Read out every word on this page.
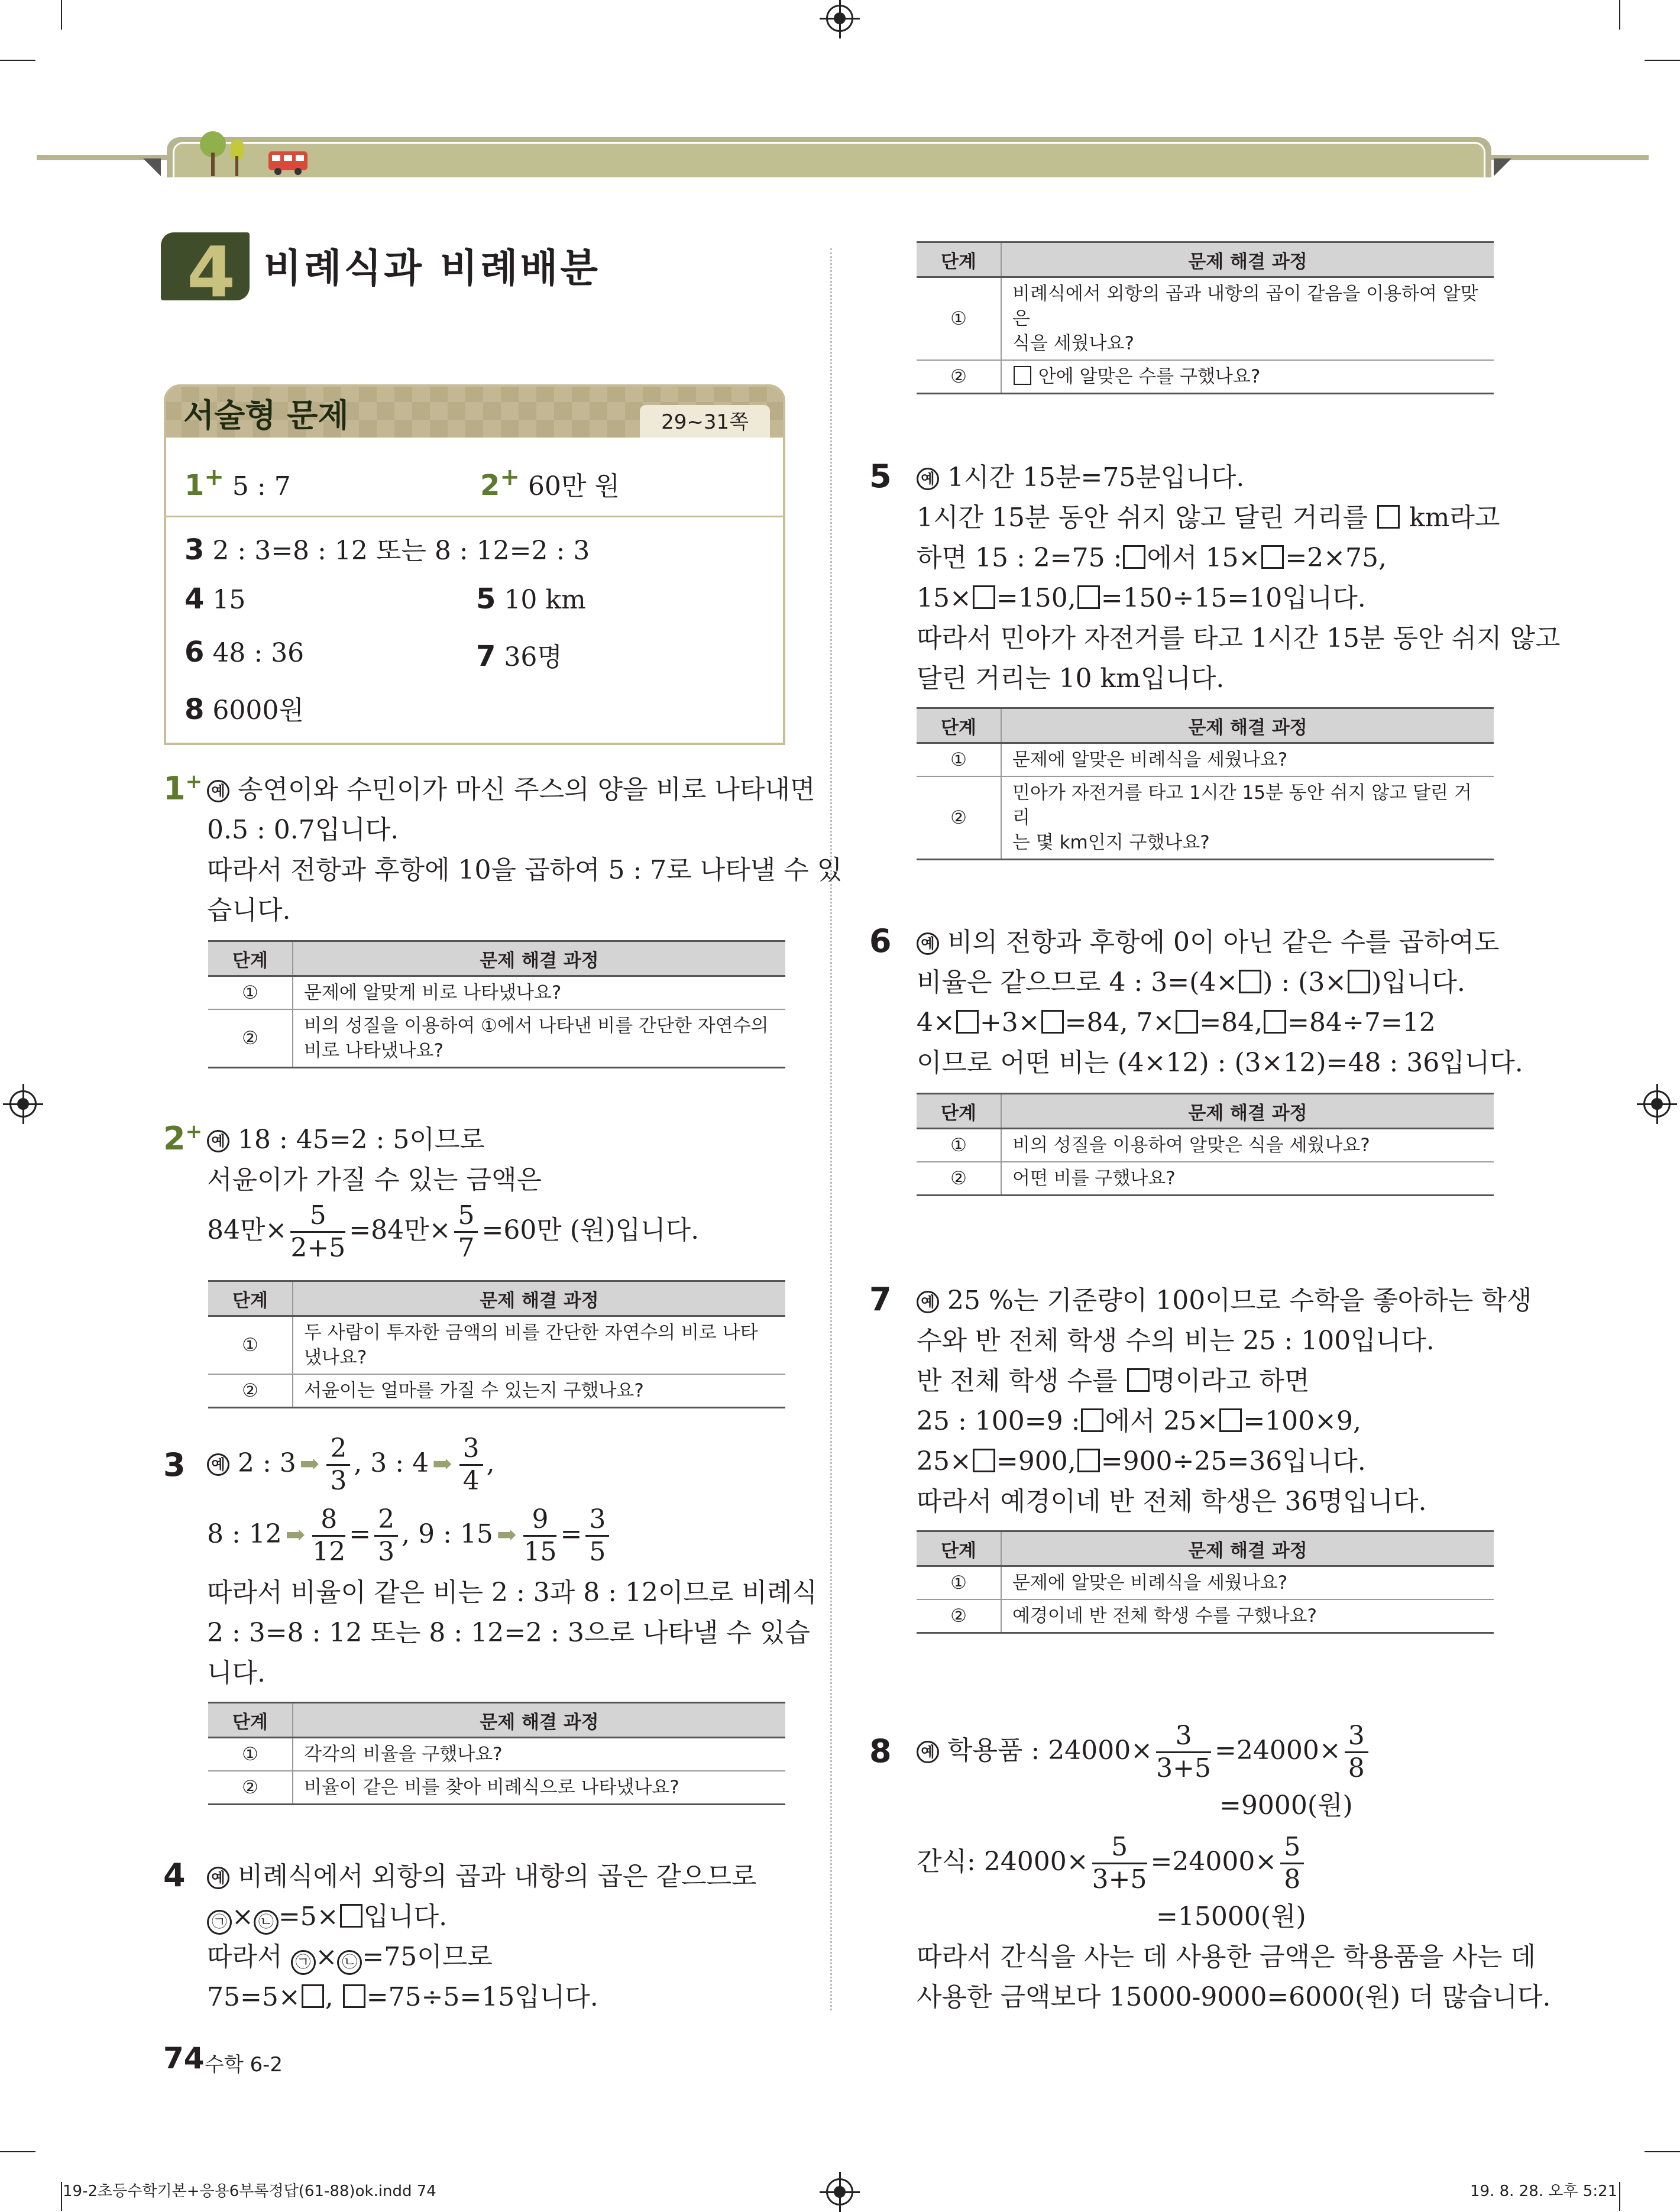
4 비례식과 비례배분
서술형 문제	29~31쪽
1+ 5 : 7	2+ 60만 원
3 2 : 3=8 : 12 또는 8 : 12=2 : 3
4 15	5 10 km
6 48 : 36	7 36명
8 6000원
1+ 예 송연이와 수민이가 마신 주스의 양을 비로 나타내면
0.5 : 0.7입니다.
따라서 전항과 후항에 10을 곱하여 5 : 7로 나타낼 수 있
습니다.
단계	문제 해결 과정
①	문제에 알맞게 비로 나타냈나요?
②	비의 성질을 이용하여 ①에서 나타낸 비를 간단한 자연수의
비로 나타냈나요?
2+ 예 18 : 45=2 : 5이므로
서윤이가 가질 수 있는 금액은
84만× $\frac{5}{2+5} =84$만× $\frac{5}{7} =60$만 (원)입니다.
단계	문제 해결 과정
①	두 사람이 투자한 금액의 비를 간단한 자연수의 비로 나타냈나요?
②	서윤이는 얼마를 가질 수 있는지 구했나요?
3	예 2 : 3 ➡ $\frac{2}{3}$ , 3 : 4 ➡ $\frac{3}{4}$ ,
8 : 12 ➡ $\frac{8}{12} = \frac{2}{3}$ , 9 : 15 ➡ $\frac{9}{15} = \frac{3}{5}$
따라서 비율이 같은 비는 2 : 3과 8 : 12이므로 비례식
2 : 3=8 : 12 또는 8 : 12=2 : 3으로 나타낼 수 있습
니다.
단계	문제 해결 과정
①	각각의 비율을 구했나요?
②	비율이 같은 비를 찾아 비례식으로 나타냈나요?
4	예 비례식에서 외항의 곱과 내항의 곱은 같으므로
㉠ × ㉡ =5× 입니다.
따라서 ㉠ × ㉡ =75이므로
75=5× , =75÷5=15입니다.
단계	문제 해결 과정
①	비례식에서 외항의 곱과 내항의 곱이 같음을 이용하여 알맞은
식을 세웠나요?
②	안에 알맞은 수를 구했나요?
5	예 1시간 15분=75분입니다.
1시간 15분 동안 쉬지 않고 달린 거리를 km라고
하면 15 : 2=75 : 에서 15× =2×75,
15× =150, =150÷15=10입니다.
따라서 민아가 자전거를 타고 1시간 15분 동안 쉬지 않고
달린 거리는 10 km입니다.
단계	문제 해결 과정
①	문제에 알맞은 비례식을 세웠나요?
②	민아가 자전거를 타고 1시간 15분 동안 쉬지 않고 달린 거리
는 몇 km인지 구했나요?
6	예 비의 전항과 후항에 0이 아닌 같은 수를 곱하여도
비율은 같으므로 4 : 3=(4× ) : (3× )입니다.
4× +3× =84, 7× =84, =84÷7=12
이므로 어떤 비는 (4×12) : (3×12)=48 : 36입니다.
단계	문제 해결 과정
①	비의 성질을 이용하여 알맞은 식을 세웠나요?
②	어떤 비를 구했나요?
7	예 25 %는 기준량이 100이므로 수학을 좋아하는 학생
수와 반 전체 학생 수의 비는 25 : 100입니다.
반 전체 학생 수를 명이라고 하면
25 : 100=9 : 에서 25× =100×9,
25× =900, =900÷25=36입니다.
따라서 예경이네 반 전체 학생은 36명입니다.
단계	문제 해결 과정
①	문제에 알맞은 비례식을 세웠나요?
②	예경이네 반 전체 학생 수를 구했나요?
8	예 학용품 : $24000\times \frac{3}{3+5} =24000\times \frac{3}{8}$
=9000(원)
간식: $24000\times \frac{5}{3+5} =24000\times \frac{5}{8}$
=15000(원)
따라서 간식을 사는 데 사용한 금액은 학용품을 사는 데
사용한 금액보다 15000-9000=6000(원) 더 많습니다.
74 수학 6-2
19-2초등수학기본+응용6부록정답(61-88)ok.indd 74	19. 8. 28. 오후 5:21
